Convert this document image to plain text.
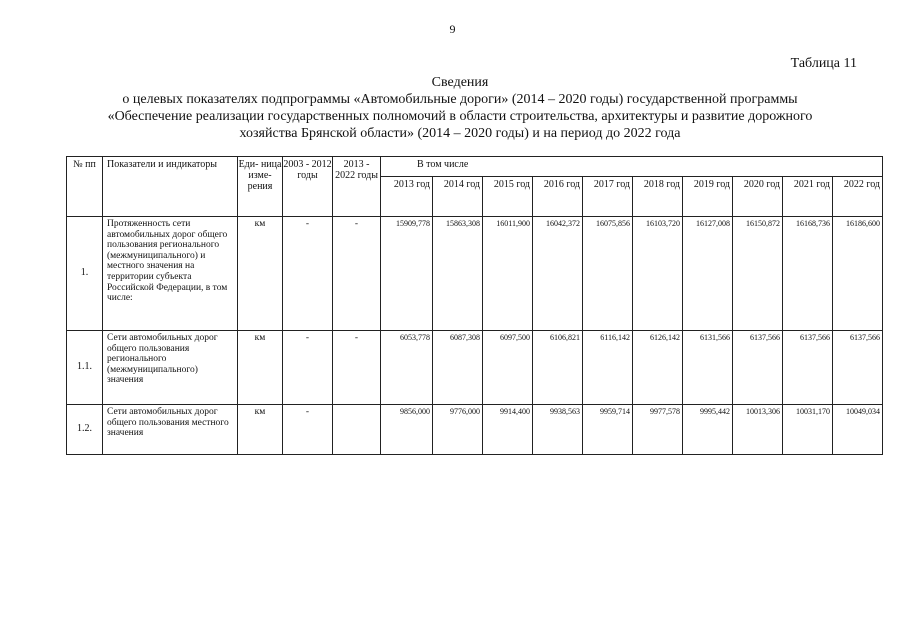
9
Таблица 11
Сведения
о целевых показателях подпрограммы «Автомобильные дороги» (2014 – 2020 годы) государственной программы
«Обеспечение реализации государственных полномочий в области строительства, архитектуры и развитие дорожного
хозяйства Брянской области» (2014 – 2020 годы) и на период до 2022 года
№ пп	Показатели и индикаторы	Еди- ница изме- рения	2003 - 2012 годы	2013 - 2022 годы	В том числе									
					2013 год	2014 год	2015 год	2016 год	2017 год	2018 год	2019 год	2020 год	2021 год	2022 год
1.	Протяженность сети автомобильных дорог общего пользования регионального (межмуниципального) и местного значения на территории субъекта Российской Федерации, в том числе:	км	-	-	15909,778	15863,308	16011,900	16042,372	16075,856	16103,720	16127,008	16150,872	16168,736	16186,600
1.1.	Сети автомобильных дорог общего пользования регионального (межмуниципального) значения	км	-	-	6053,778	6087,308	6097,500	6106,821	6116,142	6126,142	6131,566	6137,566	6137,566	6137,566
1.2.	Сети автомобильных дорог общего пользования местного значения	км	-		9856,000	9776,000	9914,400	9938,563	9959,714	9977,578	9995,442	10013,306	10031,170	10049,034
